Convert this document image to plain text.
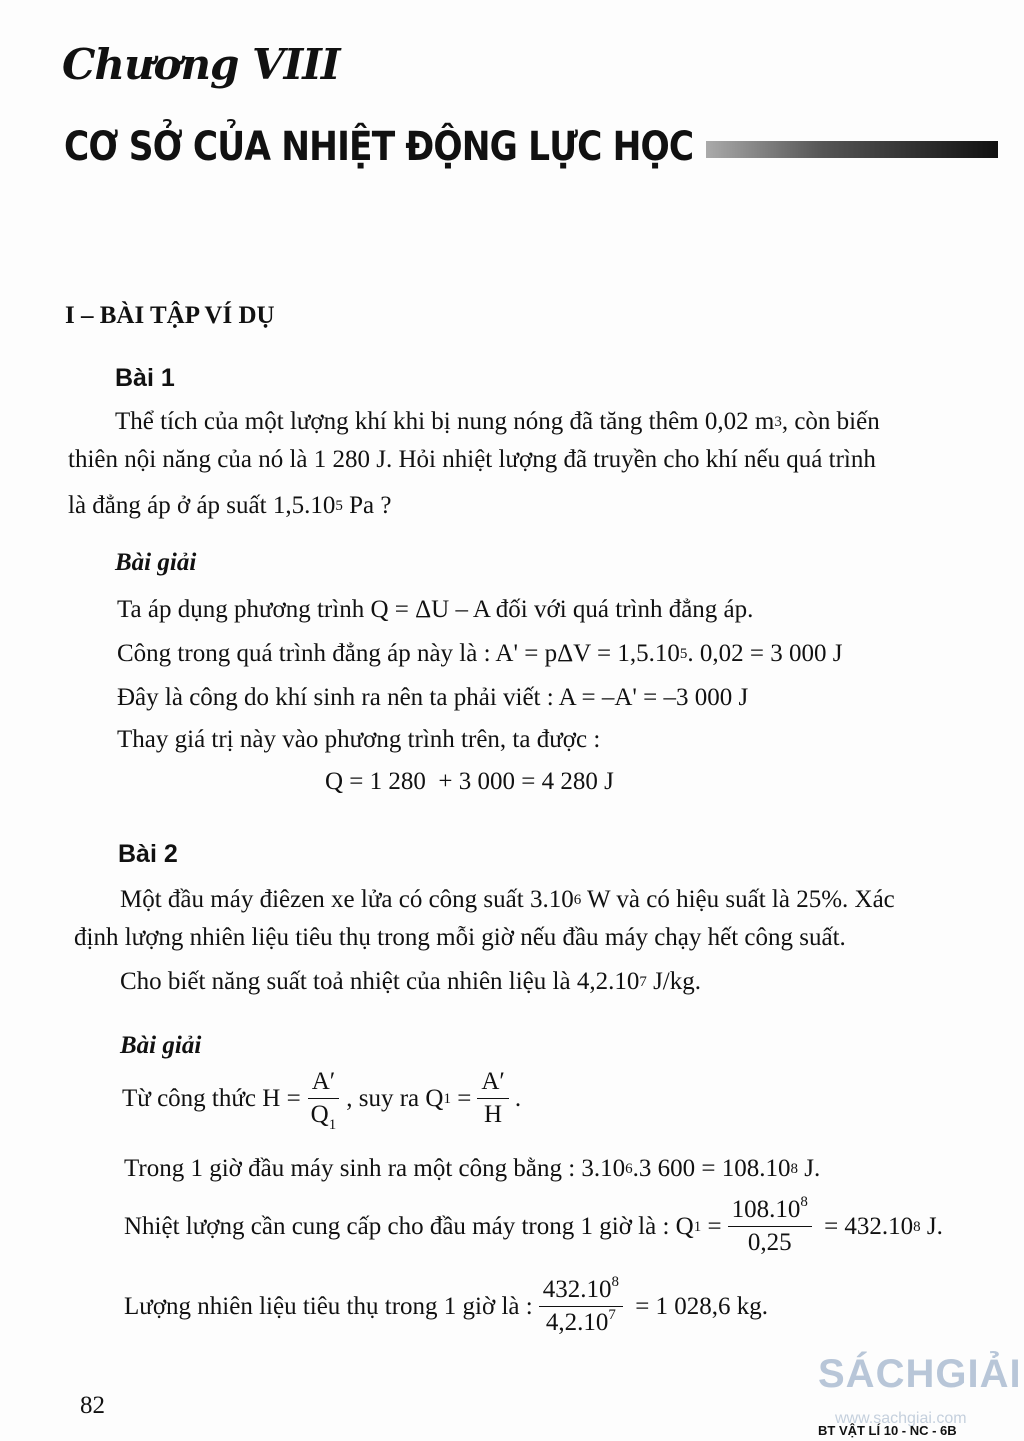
Chương VIII
CƠ SỞ CỦA NHIỆT ĐỘNG LỰC HỌC
I – BÀI TẬP VÍ DỤ
Bài 1
Thể tích của một lượng khí khi bị nung nóng đã tăng thêm 0,02 m 3 , còn biến
thiên nội năng của nó là 1 280 J. Hỏi nhiệt lượng đã truyền cho khí nếu quá trình
là đẳng áp ở áp suất 1,5.10 5 Pa ?
Bài giải
Ta áp dụng phương trình Q = ΔU – A đối với quá trình đẳng áp.
Công trong quá trình đẳng áp này là : A' = pΔV = 1,5.10 5 . 0,02 = 3 000 J
Đây là công do khí sinh ra nên ta phải viết : A = –A' = –3 000 J
Thay giá trị này vào phương trình trên, ta được :
Q = 1 280  + 3 000 = 4 280 J
Bài 2
Một đầu máy điêzen xe lửa có công suất 3.10 6 W và có hiệu suất là 25%. Xác
định lượng nhiên liệu tiêu thụ trong mỗi giờ nếu đầu máy chạy hết công suất.
Cho biết năng suất toả nhiệt của nhiên liệu là 4,2.10 7 J/kg.
Bài giải
Từ công thức $H = \frac{A'}{Q_1}$ , suy ra Q $1 = \frac{A'}{H}$ .
Trong 1 giờ đầu máy sinh ra một công bằng : 3.10 6 .3 600 = 108.10 8 J.
Nhiệt lượng cần cung cấp cho đầu máy trong 1 giờ là : Q $1 = \frac{108.10^8}{0,25} = 432.10$ 8 J.
Lượng nhiên liệu tiêu thụ trong 1 giờ là : $\frac{432.10^8}{4,2.10^7} = 1$ 028,6 kg.
82
SÁCHGIẢI
www.sachgiai.com
BT VẬT LÍ 10 - NC - 6B
